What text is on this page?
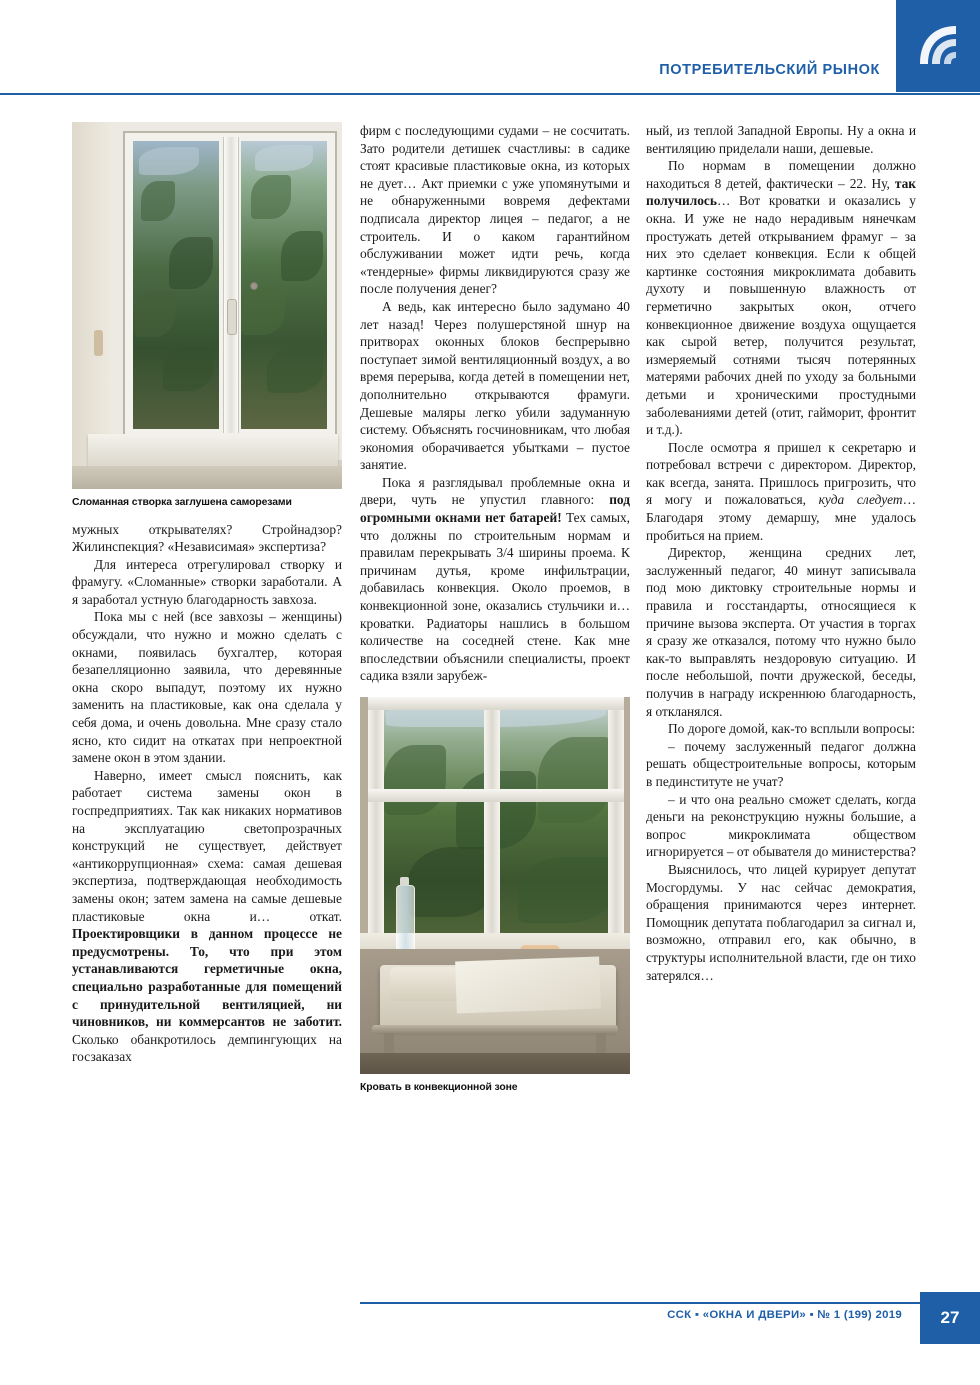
ПОТРЕБИТЕЛЬСКИЙ РЫНОК
Сломанная створка заглушена саморезами

мужных открывателях? Стройнадзор? Жилинспекция? «Независимая» экспертиза?

Для интереса отрегулировал створку и фрамугу. «Сломанные» створки заработали. А я заработал устную благодарность завхоза.

Пока мы с ней (все завхозы – женщины) обсуждали, что нужно и можно сделать с окнами, появилась бухгалтер, которая безапелляционно заявила, что деревянные окна скоро выпадут, поэтому их нужно заменить на пластиковые, как она сделала у себя дома, и очень довольна. Мне сразу стало ясно, кто сидит на откатах при непроектной замене окон в этом здании.

Наверно, имеет смысл пояснить, как работает система замены окон в госпредприятиях. Так как никаких нормативов на эксплуатацию светопрозрачных конструкций не существует, действует «антикоррупционная» схема: самая дешевая экспертиза, подтверждающая необходимость замены окон; затем замена на самые дешевые пластиковые окна и… откат. Проектировщики в данном процессе не предусмотрены. То, что при этом устанавливаются герметичные окна, специально разработанные для помещений с принудительной вентиляцией, ни чиновников, ни коммерсантов не заботит. Сколько обанкротилось демпингующих на госзаказах

фирм с последующими судами – не сосчитать. Зато родители детишек счастливы: в садике стоят красивые пластиковые окна, из которых не дует… Акт приемки с уже упомянутыми и не обнаруженными вовремя дефектами подписала директор лицея – педагог, а не строитель. И о каком гарантийном обслуживании может идти речь, когда «тендерные» фирмы ликвидируются сразу же после получения денег?

А ведь, как интересно было задумано 40 лет назад! Через полушерстяной шнур на притворах оконных блоков беспрерывно поступает зимой вентиляционный воздух, а во время перерыва, когда детей в помещении нет, дополнительно открываются фрамуги. Дешевые маляры легко убили задуманную систему. Объяснять госчиновникам, что любая экономия оборачивается убытками – пустое занятие.

Пока я разглядывал проблемные окна и двери, чуть не упустил главного: под огромными окнами нет батарей! Тех самых, что должны по строительным нормам и правилам перекрывать 3/4 ширины проема. К причинам дутья, кроме инфильтрации, добавилась конвекция. Около проемов, в конвекционной зоне, оказались стульчики и… кроватки. Радиаторы нашлись в большом количестве на соседней стене. Как мне впоследствии объяснили специалисты, проект садика взяли зарубеж-

Кровать в конвекционной зоне

ный, из теплой Западной Европы. Ну а окна и вентиляцию приделали наши, дешевые.

По нормам в помещении должно находиться 8 детей, фактически – 22. Ну, так получилось… Вот кроватки и оказались у окна. И уже не надо нерадивым нянечкам простужать детей открыванием фрамуг – за них это сделает конвекция. Если к общей картинке состояния микроклимата добавить духоту и повышенную влажность от герметично закрытых окон, отчего конвекционное движение воздуха ощущается как сырой ветер, получится результат, измеряемый сотнями тысяч потерянных матерями рабочих дней по уходу за больными детьми и хроническими простудными заболеваниями детей (отит, гайморит, фронтит и т.д.).

После осмотра я пришел к секретарю и потребовал встречи с директором. Директор, как всегда, занята. Пришлось пригрозить, что я могу и пожаловаться, куда следует… Благодаря этому демаршу, мне удалось пробиться на прием.

Директор, женщина средних лет, заслуженный педагог, 40 минут записывала под мою диктовку строительные нормы и правила и госстандарты, относящиеся к причине вызова эксперта. От участия в торгах я сразу же отказался, потому что нужно было как-то выправлять нездоровую ситуацию. И после небольшой, почти дружеской, беседы, получив в награду искреннюю благодарность, я откланялся.

По дороге домой, как-то всплыли вопросы:

– почему заслуженный педагог должна решать общестроительные вопросы, которым в пединституте не учат?

– и что она реально сможет сделать, когда деньги на реконструкцию нужны большие, а вопрос микроклимата обществом игнорируется – от обывателя до министерства?

Выяснилось, что лицей курирует депутат Мосгордумы. У нас сейчас демократия, обращения принимаются через интернет. Помощник депутата поблагодарил за сигнал и, возможно, отправил его, как обычно, в структуры исполнительной власти, где он тихо затерялся…

ССК ▪ «ОКНА И ДВЕРИ» ▪ № 1 (199) 2019	27
